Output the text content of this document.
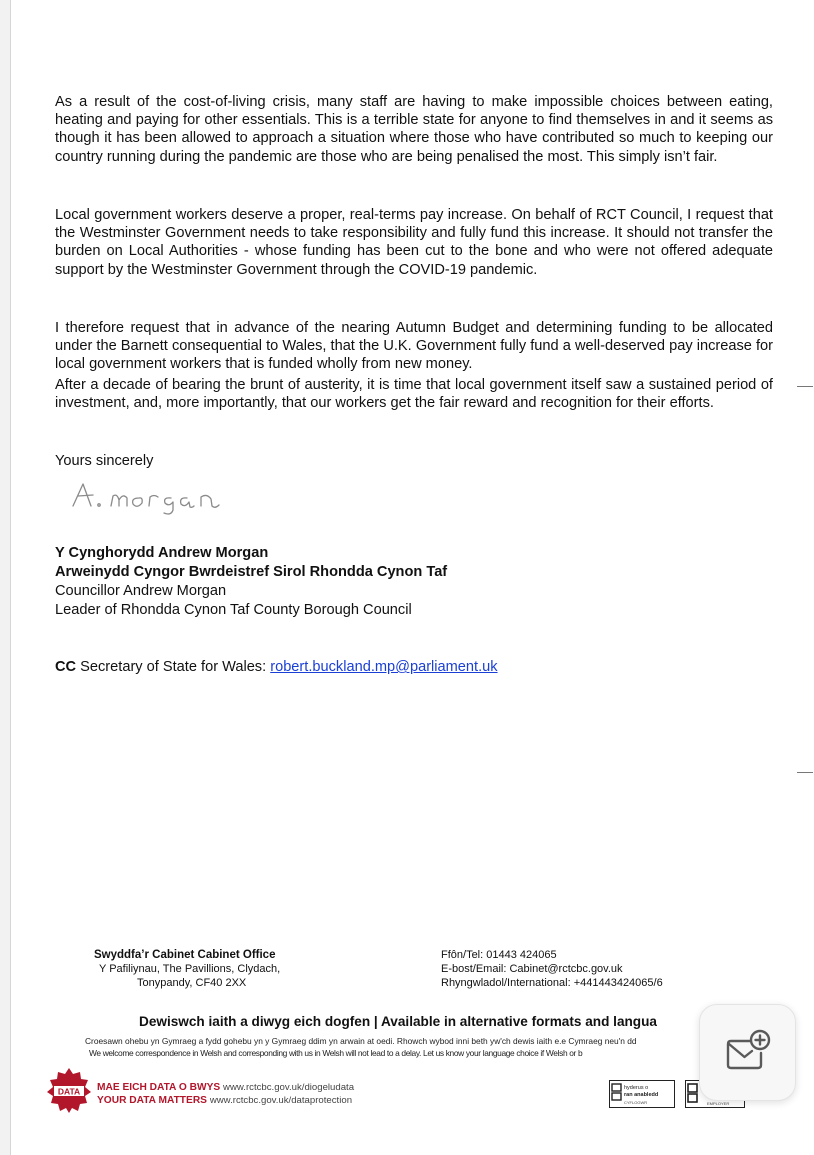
As a result of the cost-of-living crisis, many staff are having to make impossible choices between eating, heating and paying for other essentials. This is a terrible state for anyone to find themselves in and it seems as though it has been allowed to approach a situation where those who have contributed so much to keeping our country running during the pandemic are those who are being penalised the most. This simply isn’t fair.

Local government workers deserve a proper, real-terms pay increase. On behalf of RCT Council, I request that the Westminster Government needs to take responsibility and fully fund this increase. It should not transfer the burden on Local Authorities - whose funding has been cut to the bone and who were not offered adequate support by the Westminster Government through the COVID-19 pandemic.

I therefore request that in advance of the nearing Autumn Budget and determining funding to be allocated under the Barnett consequential to Wales, that the U.K. Government fully fund a well-deserved pay increase for local government workers that is funded wholly from new money.

After a decade of bearing the brunt of austerity, it is time that local government itself saw a sustained period of investment, and, more importantly, that our workers get the fair reward and recognition for their efforts.

Yours sincerely
Y Cynghorydd Andrew Morgan
Arweinydd Cyngor Bwrdeistref Sirol Rhondda Cynon Taf
Councillor Andrew Morgan
Leader of Rhondda Cynon Taf County Borough Council
CC Secretary of State for Wales: robert.buckland.mp@parliament.uk
Swyddfa’r Cabinet Cabinet Office
Y Pafiliynau, The Pavillions, Clydach,
Tonypandy, CF40 2XX
Ffôn/Tel: 01443 424065
E-bost/Email: Cabinet@rctcbc.gov.uk
Rhyngwladol/International: +441443424065/6
Dewiswch iaith a diwyg eich dogfen | Available in alternative formats and langua
Croesawn ohebu yn Gymraeg a fydd gohebu yn y Gymraeg ddim yn arwain at oedi. Rhowch wybod inni beth yw'ch dewis iaith e.e Cymraeg neu'n dd
We welcome correspondence in Welsh and corresponding with us in Welsh will not lead to a delay. Let us know your language choice if Welsh or b
DATA MAE EICH DATA O BWYS www.rctcbc.gov.uk/diogeludata
YOUR DATA MATTERS www.rctcbc.gov.uk/dataprotection
hyderus o
ran anabledd
CYFLOGWR	EMPLOYER
